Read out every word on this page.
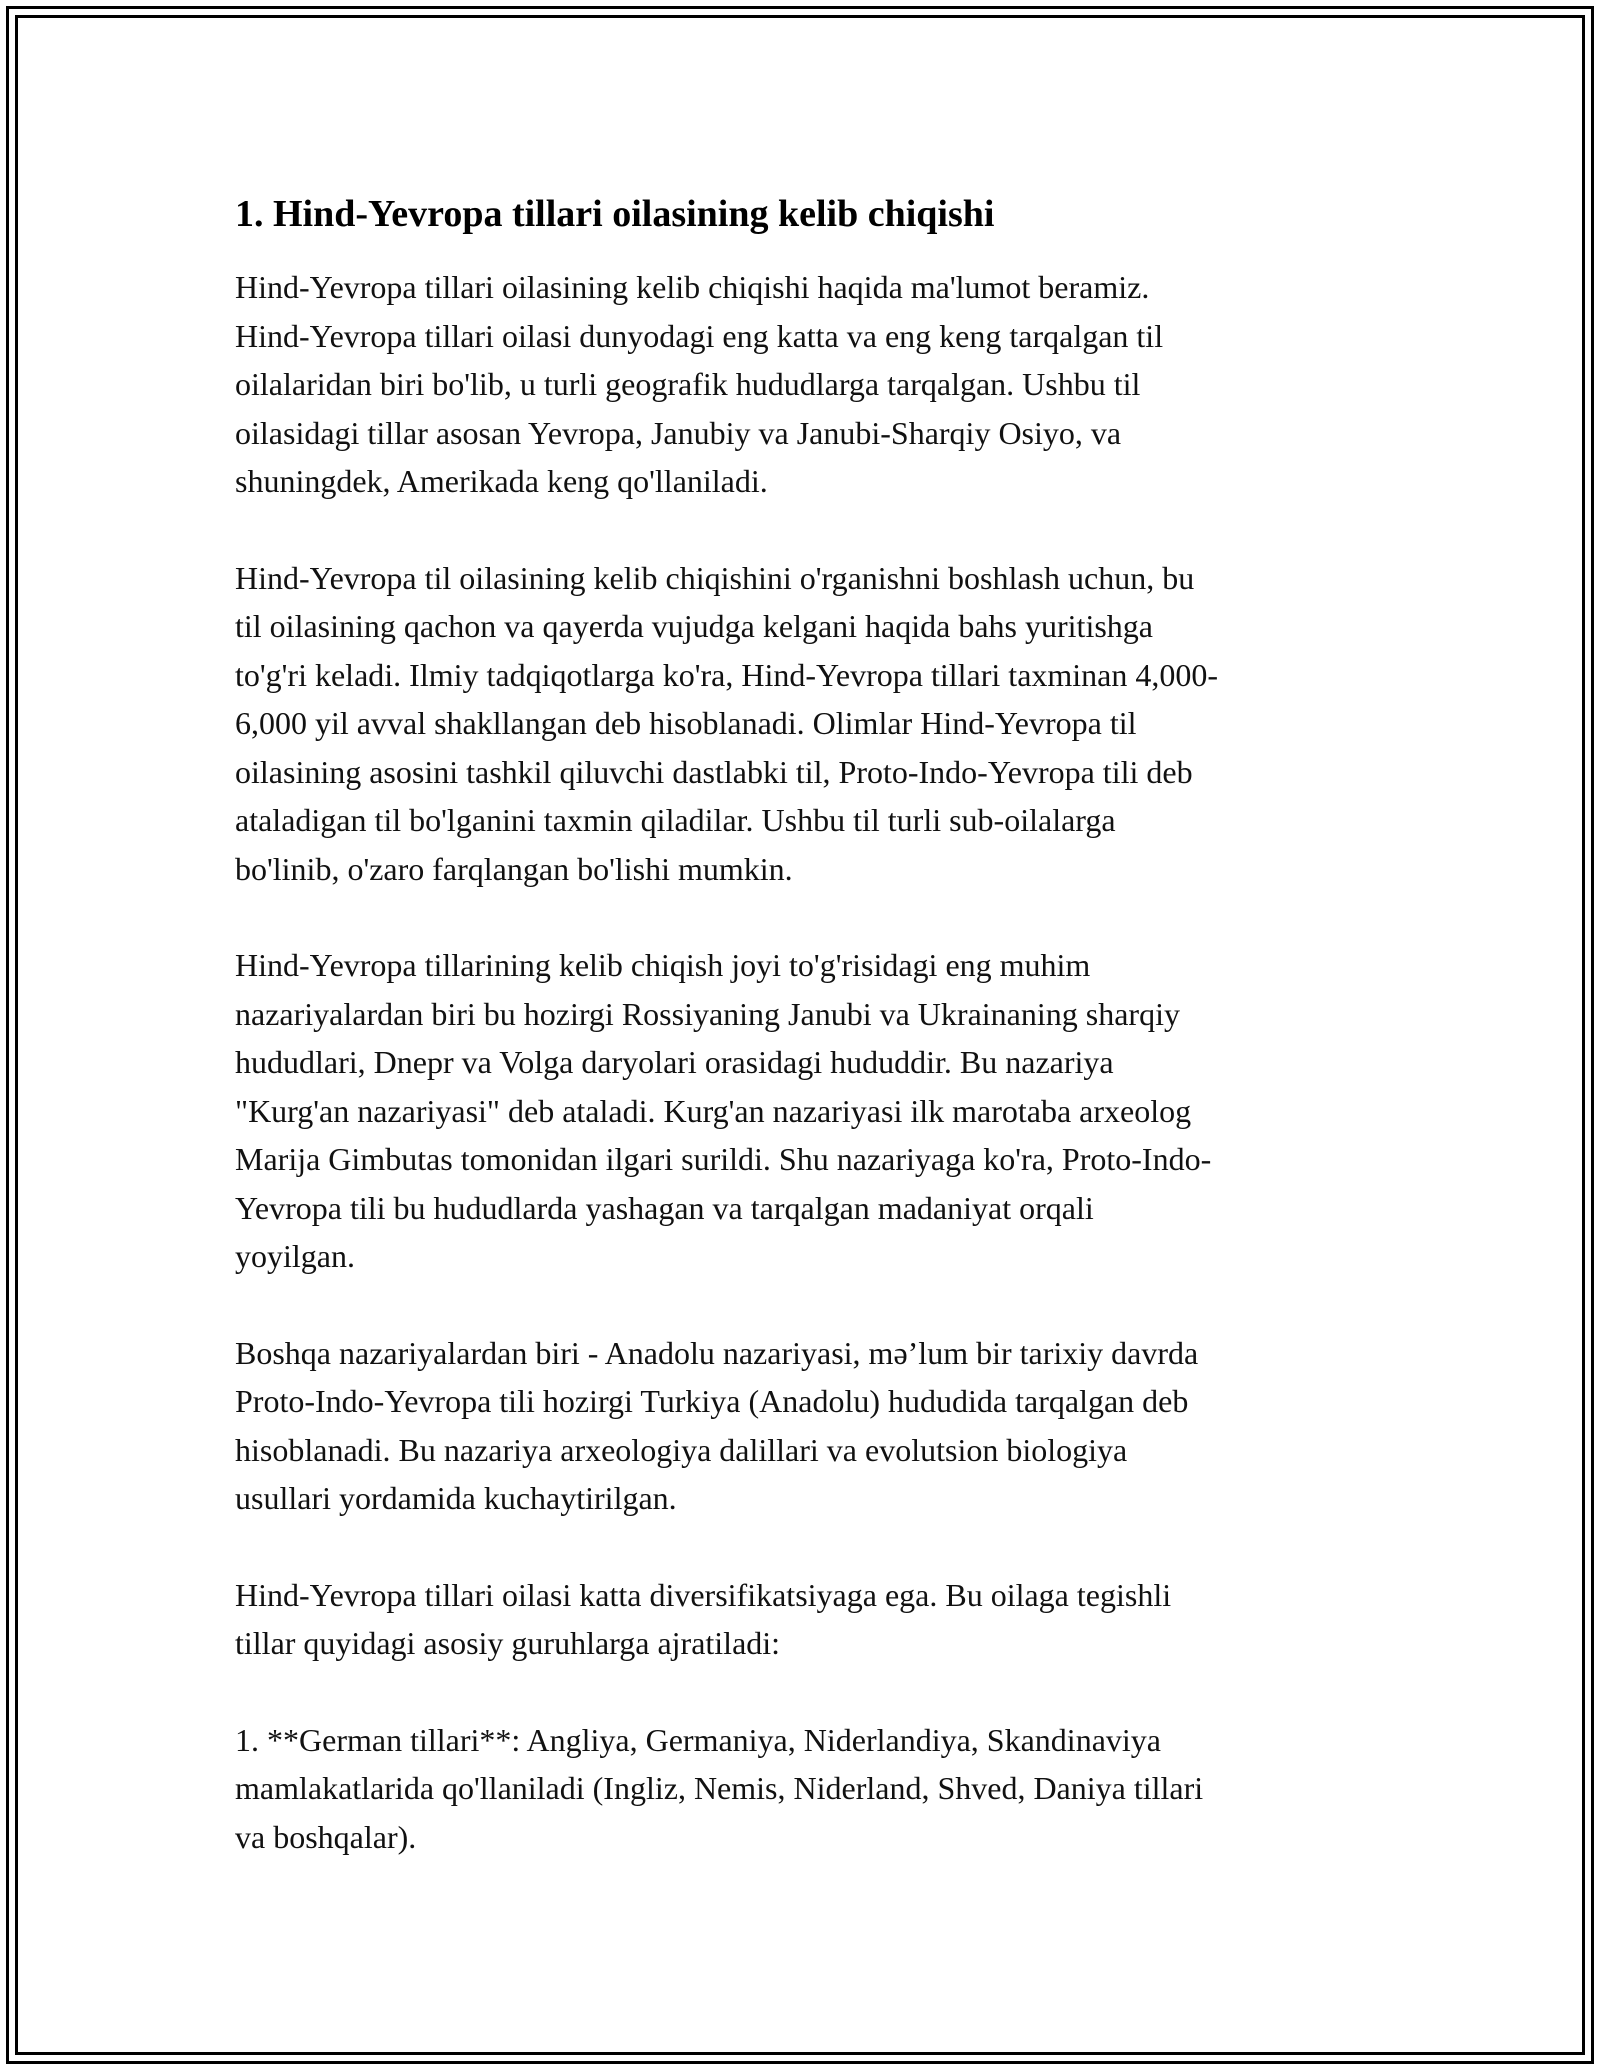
1. Hind-Yevropa tillari oilasining kelib chiqishi
Hind-Yevropa tillari oilasining kelib chiqishi haqida ma'lumot beramiz.
Hind-Yevropa tillari oilasi dunyodagi eng katta va eng keng tarqalgan til
oilalaridan biri bo'lib, u turli geografik hududlarga tarqalgan. Ushbu til
oilasidagi tillar asosan Yevropa, Janubiy va Janubi-Sharqiy Osiyo, va
shuningdek, Amerikada keng qo'llaniladi.
Hind-Yevropa til oilasining kelib chiqishini o'rganishni boshlash uchun, bu
til oilasining qachon va qayerda vujudga kelgani haqida bahs yuritishga
to'g'ri keladi. Ilmiy tadqiqotlarga ko'ra, Hind-Yevropa tillari taxminan 4,000-
6,000 yil avval shakllangan deb hisoblanadi. Olimlar Hind-Yevropa til
oilasining asosini tashkil qiluvchi dastlabki til, Proto-Indo-Yevropa tili deb
ataladigan til bo'lganini taxmin qiladilar. Ushbu til turli sub-oilalarga
bo'linib, o'zaro farqlangan bo'lishi mumkin.
Hind-Yevropa tillarining kelib chiqish joyi to'g'risidagi eng muhim
nazariyalardan biri bu hozirgi Rossiyaning Janubi va Ukrainaning sharqiy
hududlari, Dnepr va Volga daryolari orasidagi hududdir. Bu nazariya
"Kurg'an nazariyasi" deb ataladi. Kurg'an nazariyasi ilk marotaba arxeolog
Marija Gimbutas tomonidan ilgari surildi. Shu nazariyaga ko'ra, Proto-Indo-
Yevropa tili bu hududlarda yashagan va tarqalgan madaniyat orqali
yoyilgan.
Boshqa nazariyalardan biri - Anadolu nazariyasi, mə’lum bir tarixiy davrda
Proto-Indo-Yevropa tili hozirgi Turkiya (Anadolu) hududida tarqalgan deb
hisoblanadi. Bu nazariya arxeologiya dalillari va evolutsion biologiya
usullari yordamida kuchaytirilgan.
Hind-Yevropa tillari oilasi katta diversifikatsiyaga ega. Bu oilaga tegishli
tillar quyidagi asosiy guruhlarga ajratiladi:
1. **German tillari**: Angliya, Germaniya, Niderlandiya, Skandinaviya
mamlakatlarida qo'llaniladi (Ingliz, Nemis, Niderland, Shved, Daniya tillari
va boshqalar).
